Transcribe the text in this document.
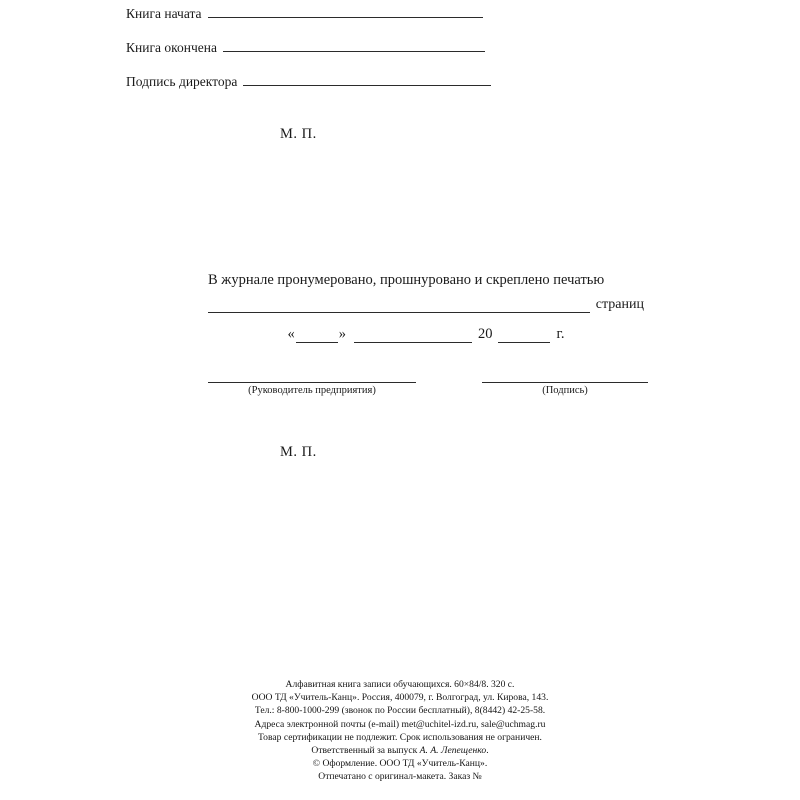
Книга начата
Книга окончена
Подпись директора
М. П.
В журнале пронумеровано, прошнуровано и скреплено печатью
страниц
«	»	20	г.
(Руководитель предприятия)	(Подпись)
М. П.
Алфавитная книга записи обучающихся. 60×84/8. 320 с.
ООО ТД «Учитель-Канц». Россия, 400079, г. Волгоград, ул. Кирова, 143.
Тел.: 8-800-1000-299 (звонок по России бесплатный), 8(8442) 42-25-58.
Адреса электронной почты (e-mail) met@uchitel-izd.ru, sale@uchmag.ru
Товар сертификации не подлежит. Срок использования не ограничен.
Ответственный за выпуск А. А. Лепещенко.
© Оформление. ООО ТД «Учитель-Канц».
Отпечатано с оригинал-макета. Заказ №
